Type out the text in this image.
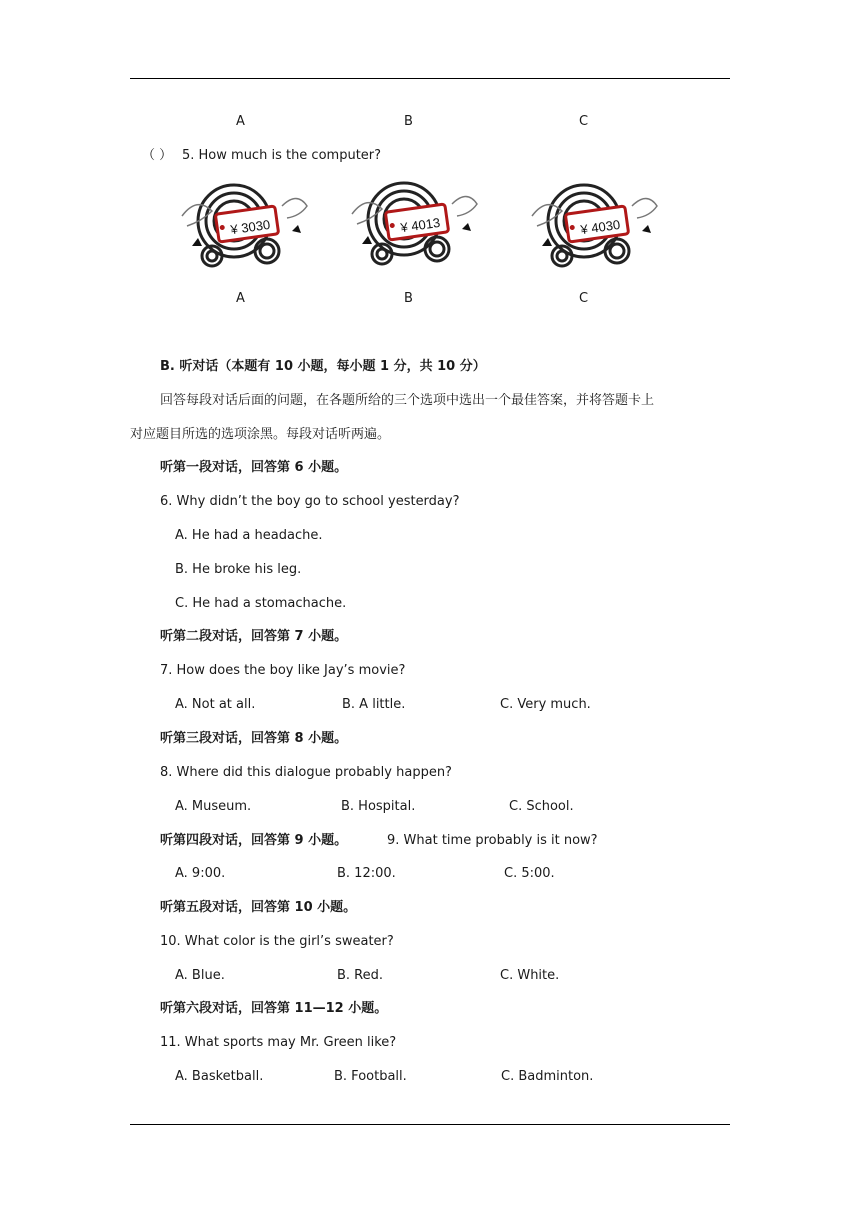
A	B	C
（ ） 5. How much is the computer?
¥ 3030	¥ 4013	¥ 4030
A	B	C
B. 听对话（本题有 10 小题，每小题 1 分，共 10 分）
回答每段对话后面的问题，在各题所给的三个选项中选出一个最佳答案，并将答题卡上
对应题目所选的选项涂黑。每段对话听两遍。
听第一段对话，回答第 6 小题。
6. Why didn’t the boy go to school yesterday?
A. He had a headache.
B. He broke his leg.
C. He had a stomachache.
听第二段对话，回答第 7 小题。
7. How does the boy like Jay’s movie?
A. Not at all.	B. A little.	C. Very much.
听第三段对话，回答第 8 小题。
8. Where did this dialogue probably happen?
A. Museum.	B. Hospital.	C. School.
听第四段对话，回答第 9 小题。	9. What time probably is it now?
A. 9:00.	B. 12:00.	C. 5:00.
听第五段对话，回答第 10 小题。
10. What color is the girl’s sweater?
A. Blue.	B. Red.	C. White.
听第六段对话，回答第 11—12 小题。
11. What sports may Mr. Green like?
A. Basketball.	B. Football.	C. Badminton.
